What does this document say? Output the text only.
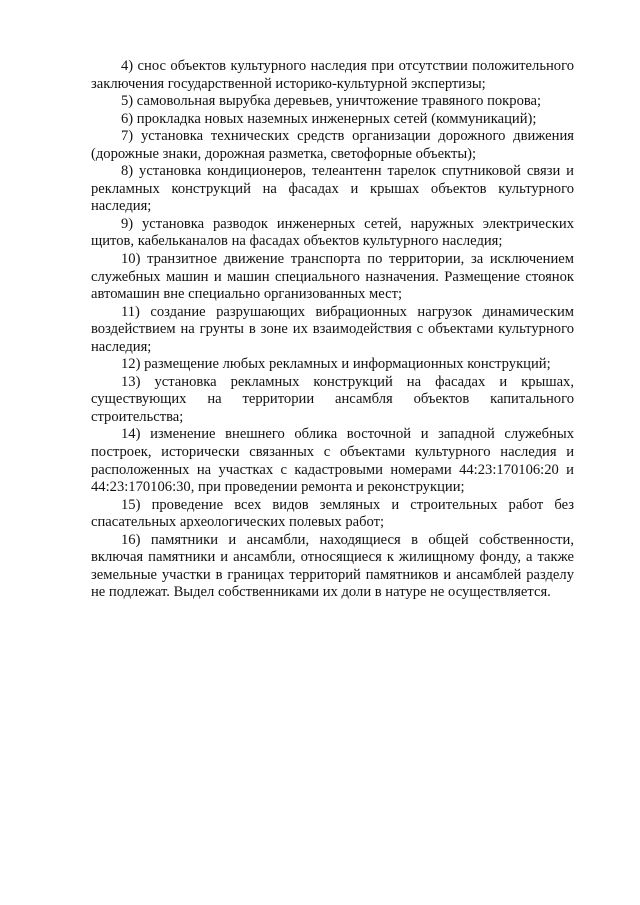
4) снос объектов культурного наследия при отсутствии положительного заключения государственной историко-культурной экспертизы;

5) самовольная вырубка деревьев, уничтожение травяного покрова;

6) прокладка новых наземных инженерных сетей (коммуникаций);

7) установка технических средств организации дорожного движения (дорожные знаки, дорожная разметка, светофорные объекты);

8) установка кондиционеров, телеантенн тарелок спутниковой связи и рекламных конструкций на фасадах и крышах объектов культурного наследия;

9) установка разводок инженерных сетей, наружных электрических щитов, кабельканалов на фасадах объектов культурного наследия;

10) транзитное движение транспорта по территории, за исключением служебных машин и машин специального назначения. Размещение стоянок автомашин вне специально организованных мест;

11) создание разрушающих вибрационных нагрузок динамическим воздействием на грунты в зоне их взаимодействия с объектами культурного наследия;

12) размещение любых рекламных и информационных конструкций;

13) установка рекламных конструкций на фасадах и крышах, существующих на территории ансамбля объектов капитального строительства;

14) изменение внешнего облика восточной и западной служебных построек, исторически связанных с объектами культурного наследия и расположенных на участках с кадастровыми номерами 44:23:170106:20 и 44:23:170106:30, при проведении ремонта и реконструкции;

15) проведение всех видов земляных и строительных работ без спасательных археологических полевых работ;

16) памятники и ансамбли, находящиеся в общей собственности, включая памятники и ансамбли, относящиеся к жилищному фонду, а также земельные участки в границах территорий памятников и ансамблей разделу не подлежат. Выдел собственниками их доли в натуре не осуществляется.
